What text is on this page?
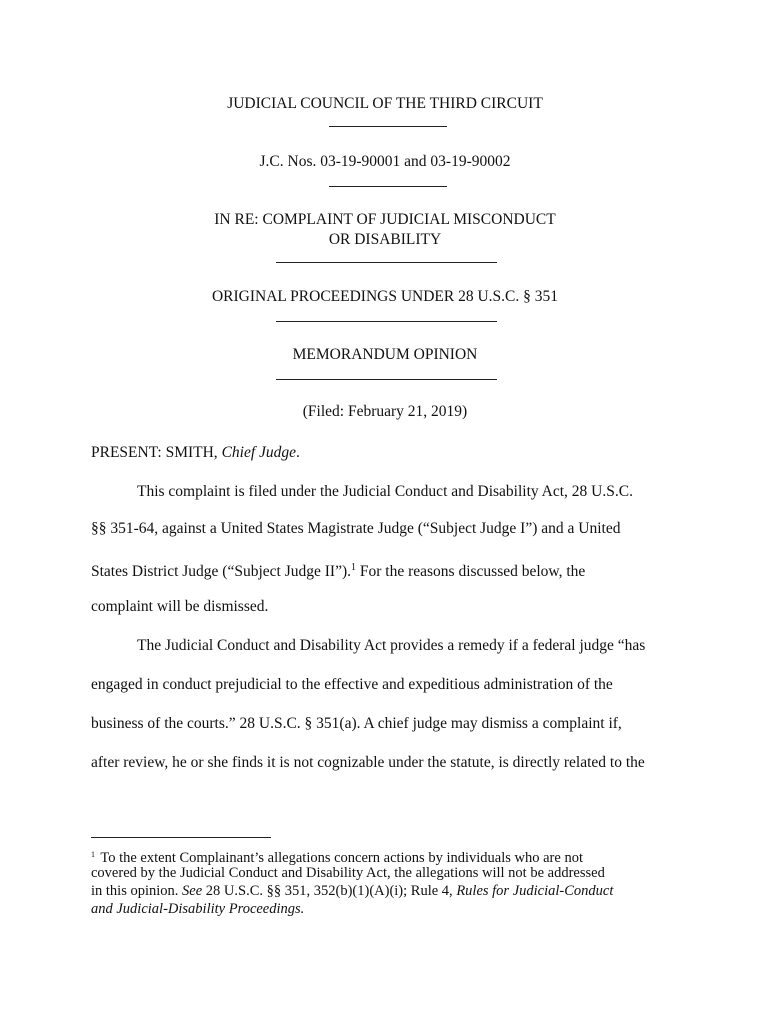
JUDICIAL COUNCIL OF THE THIRD CIRCUIT
J.C. Nos. 03-19-90001 and 03-19-90002
IN RE: COMPLAINT OF JUDICIAL MISCONDUCT
OR DISABILITY
ORIGINAL PROCEEDINGS UNDER 28 U.S.C. § 351
MEMORANDUM OPINION
(Filed: February 21, 2019)
PRESENT: SMITH, Chief Judge.
This complaint is filed under the Judicial Conduct and Disability Act, 28 U.S.C.
§§ 351-64, against a United States Magistrate Judge (“Subject Judge I”) and a United
States District Judge (“Subject Judge II”).$^1$ For the reasons discussed below, the
complaint will be dismissed.
The Judicial Conduct and Disability Act provides a remedy if a federal judge “has
engaged in conduct prejudicial to the effective and expeditious administration of the
business of the courts.” 28 U.S.C. § 351(a). A chief judge may dismiss a complaint if,
after review, he or she finds it is not cognizable under the statute, is directly related to the
$^1$ To the extent Complainant’s allegations concern actions by individuals who are not
covered by the Judicial Conduct and Disability Act, the allegations will not be addressed
in this opinion. See 28 U.S.C. §§ 351, 352(b)(1)(A)(i); Rule 4, Rules for Judicial-Conduct
and Judicial-Disability Proceedings.
